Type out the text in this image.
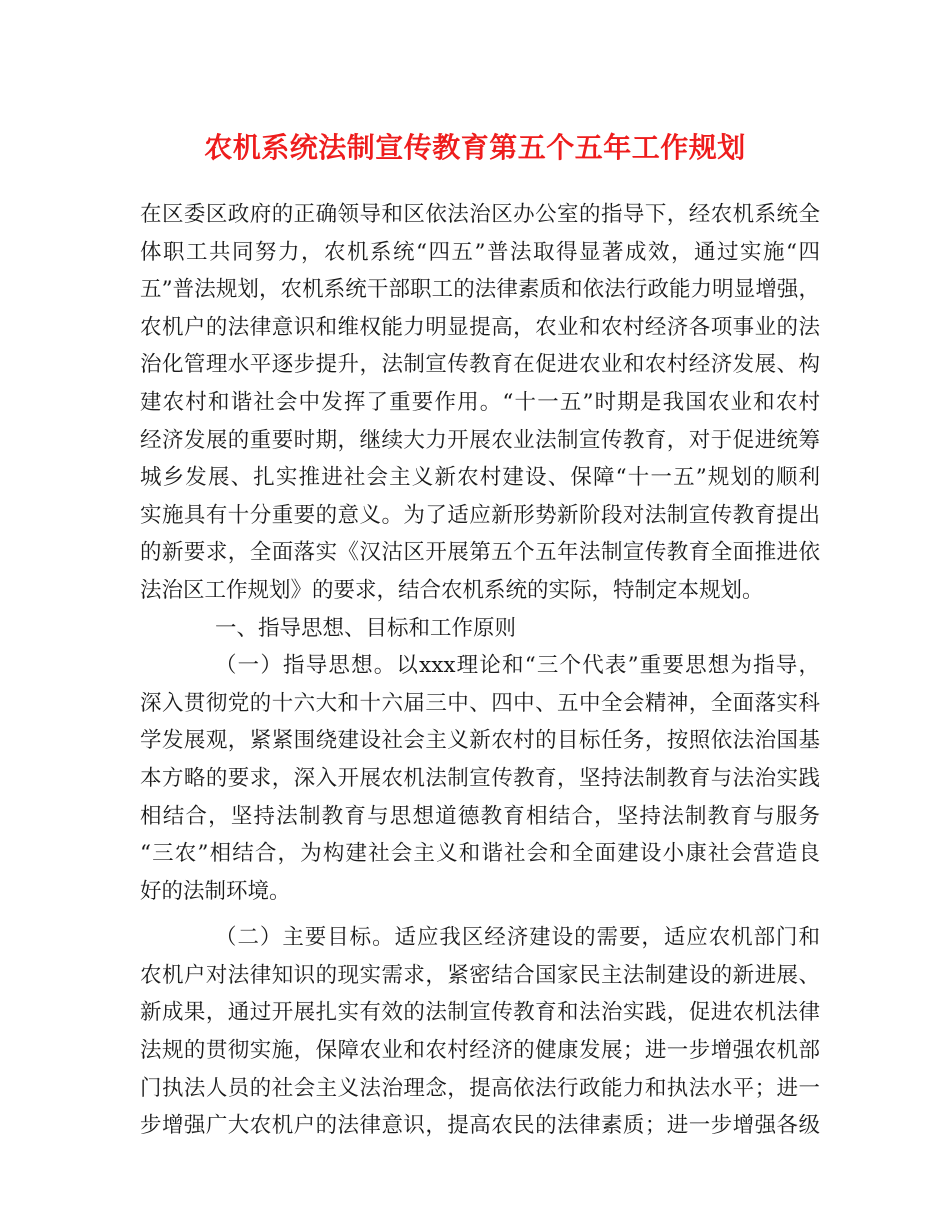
农机系统法制宣传教育第五个五年工作规划
在区委区政府的正确领导和区依法治区办公室的指导下，经农机系统全
体职工共同努力，农机系统“四五”普法取得显著成效，通过实施“四
五”普法规划，农机系统干部职工的法律素质和依法行政能力明显增强，
农机户的法律意识和维权能力明显提高，农业和农村经济各项事业的法
治化管理水平逐步提升，法制宣传教育在促进农业和农村经济发展、构
建农村和谐社会中发挥了重要作用。“十一五”时期是我国农业和农村
经济发展的重要时期，继续大力开展农业法制宣传教育，对于促进统筹
城乡发展、扎实推进社会主义新农村建设、保障“十一五”规划的顺利
实施具有十分重要的意义。为了适应新形势新阶段对法制宣传教育提出
的新要求，全面落实《汉沽区开展第五个五年法制宣传教育全面推进依
法治区工作规划》的要求，结合农机系统的实际，特制定本规划。
一、指导思想、目标和工作原则
（一）指导思想。以xxx理论和“三个代表”重要思想为指导，
深入贯彻党的十六大和十六届三中、四中、五中全会精神，全面落实科
学发展观，紧紧围绕建设社会主义新农村的目标任务，按照依法治国基
本方略的要求，深入开展农机法制宣传教育，坚持法制教育与法治实践
相结合，坚持法制教育与思想道德教育相结合，坚持法制教育与服务
“三农”相结合，为构建社会主义和谐社会和全面建设小康社会营造良
好的法制环境。
（二）主要目标。适应我区经济建设的需要，适应农机部门和
农机户对法律知识的现实需求，紧密结合国家民主法制建设的新进展、
新成果，通过开展扎实有效的法制宣传教育和法治实践，促进农机法律
法规的贯彻实施，保障农业和农村经济的健康发展；进一步增强农机部
门执法人员的社会主义法治理念，提高依法行政能力和执法水平；进一
步增强广大农机户的法律意识，提高农民的法律素质；进一步增强各级
